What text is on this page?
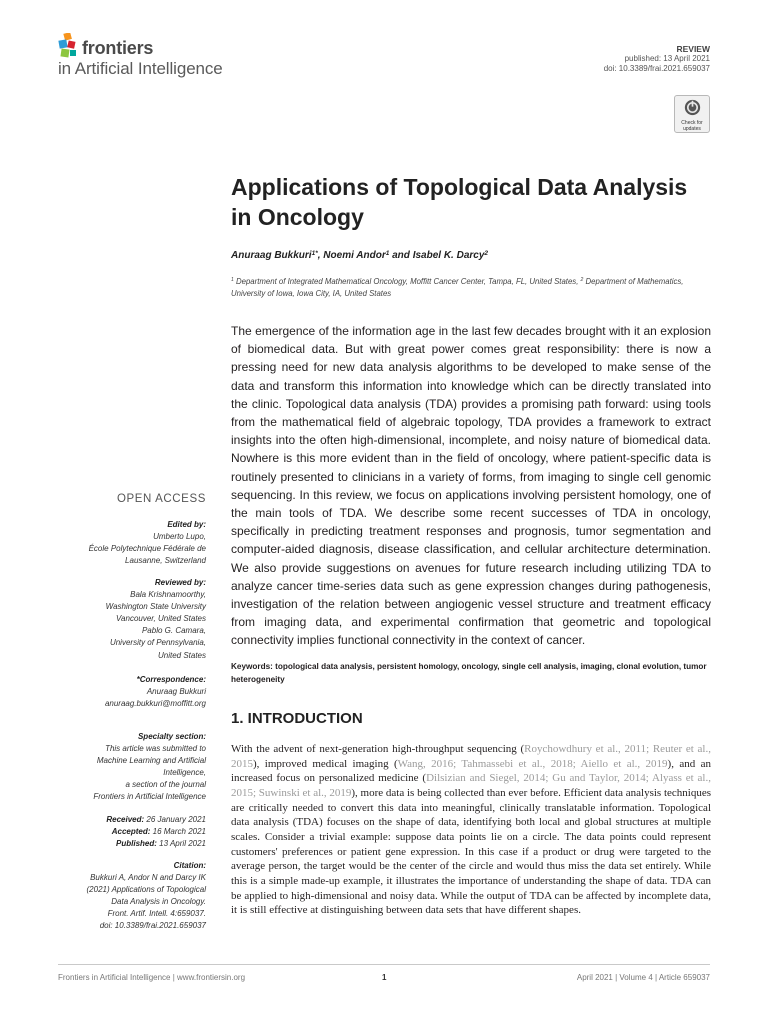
frontiers
in Artificial Intelligence
REVIEW
published: 13 April 2021
doi: 10.3389/frai.2021.659037
Check for
updates
Applications of Topological Data Analysis in Oncology
Anuraag Bukkuri$^{1*}$, Noemi Andor$^1$ and Isabel K. Darcy$^2$
$^1$ Department of Integrated Mathematical Oncology, Moffitt Cancer Center, Tampa, FL, United States, $^2$ Department of Mathematics, University of Iowa, Iowa City, IA, United States
The emergence of the information age in the last few decades brought with it an explosion of biomedical data. But with great power comes great responsibility: there is now a pressing need for new data analysis algorithms to be developed to make sense of the data and transform this information into knowledge which can be directly translated into the clinic. Topological data analysis (TDA) provides a promising path forward: using tools from the mathematical field of algebraic topology, TDA provides a framework to extract insights into the often high-dimensional, incomplete, and noisy nature of biomedical data. Nowhere is this more evident than in the field of oncology, where patient-specific data is routinely presented to clinicians in a variety of forms, from imaging to single cell genomic sequencing. In this review, we focus on applications involving persistent homology, one of the main tools of TDA. We describe some recent successes of TDA in oncology, specifically in predicting treatment responses and prognosis, tumor segmentation and computer-aided diagnosis, disease classification, and cellular architecture determination. We also provide suggestions on avenues for future research including utilizing TDA to analyze cancer time-series data such as gene expression changes during pathogenesis, investigation of the relation between angiogenic vessel structure and treatment efficacy from imaging data, and experimental confirmation that geometric and topological connectivity implies functional connectivity in the context of cancer.
Keywords: topological data analysis, persistent homology, oncology, single cell analysis, imaging, clonal evolution, tumor heterogeneity
1. INTRODUCTION
With the advent of next-generation high-throughput sequencing (Roychowdhury et al., 2011; Reuter et al., 2015), improved medical imaging (Wang, 2016; Tahmassebi et al., 2018; Aiello et al., 2019), and an increased focus on personalized medicine (Dilsizian and Siegel, 2014; Gu and Taylor, 2014; Alyass et al., 2015; Suwinski et al., 2019), more data is being collected than ever before. Efficient data analysis techniques are critically needed to convert this data into meaningful, clinically translatable information. Topological data analysis (TDA) focuses on the shape of data, identifying both local and global structures at multiple scales. Consider a trivial example: suppose data points lie on a circle. The data points could represent customers' preferences or patient gene expression. In this case if a product or drug were targeted to the average person, the target would be the center of the circle and would thus miss the data set entirely. While this is a simple made-up example, it illustrates the importance of understanding the shape of data. TDA can be applied to high-dimensional and noisy data. While the output of TDA can be affected by incomplete data, it is still effective at distinguishing between data sets that have different shapes.
OPEN ACCESS
Edited by:
Umberto Lupo,
École Polytechnique Fédérale de
Lausanne, Switzerland
Reviewed by:
Bala Krishnamoorthy,
Washington State University
Vancouver, United States
Pablo G. Camara,
University of Pennsylvania,
United States
*Correspondence:
Anuraag Bukkuri
anuraag.bukkuri@moffitt.org
Specialty section:
This article was submitted to
Machine Learning and Artificial
Intelligence,
a section of the journal
Frontiers in Artificial Intelligence
Received: 26 January 2021
Accepted: 16 March 2021
Published: 13 April 2021
Citation:
Bukkuri A, Andor N and Darcy IK
(2021) Applications of Topological
Data Analysis in Oncology.
Front. Artif. Intell. 4:659037.
doi: 10.3389/frai.2021.659037
Frontiers in Artificial Intelligence | www.frontiersin.org	1	April 2021 | Volume 4 | Article 659037
